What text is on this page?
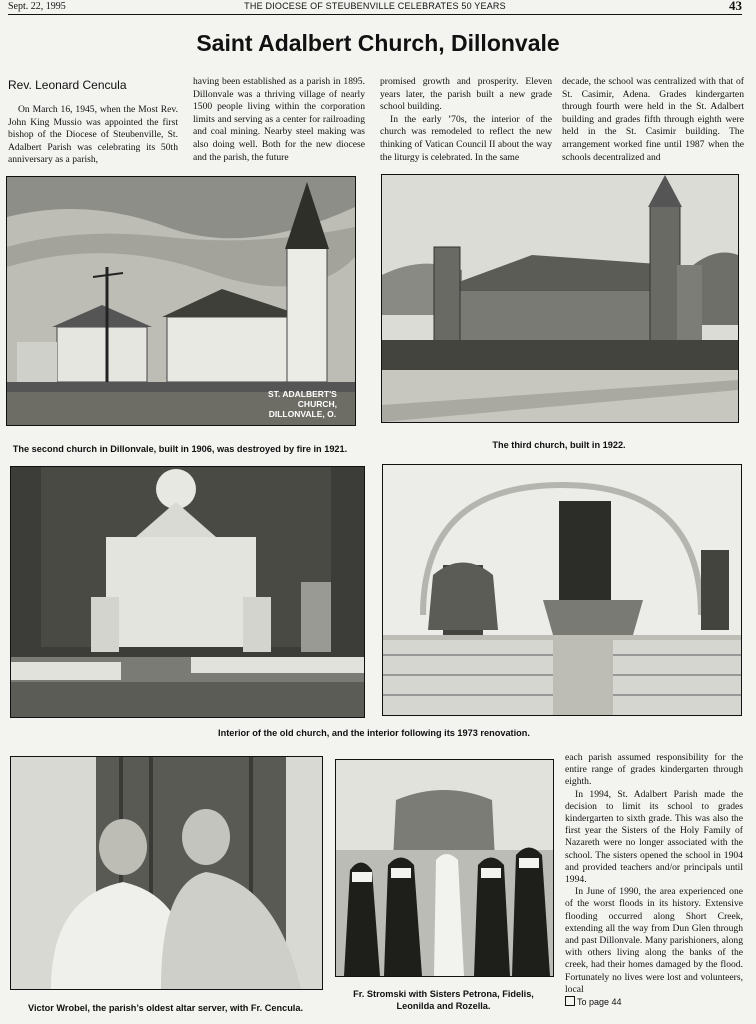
Sept. 22, 1995	THE DIOCESE OF STEUBENVILLE CELEBRATES 50 YEARS	43
Saint Adalbert Church, Dillonvale
Rev. Leonard Cencula

On March 16, 1945, when the Most Rev. John King Mussio was appointed the first bishop of the Diocese of Steubenville, St. Adalbert Parish was celebrating its 50th anniversary as a parish,

having been established as a parish in 1895. Dillonvale was a thriving village of nearly 1500 people living within the corporation limits and serving as a center for railroading and coal mining. Nearby steel making was also doing well. Both for the new diocese and the parish, the future

promised growth and prosperity. Eleven years later, the parish built a new grade school building.

In the early ’70s, the interior of the church was remodeled to reflect the new thinking of Vatican Council II about the way the liturgy is celebrated. In the same

decade, the school was centralized with that of St. Casimir, Adena. Grades kindergarten through fourth were held in the St. Adalbert building and grades fifth through eighth were held in the St. Casimir building. The arrangement worked fine until 1987 when the schools decentralized and

ST. ADALBERT'S
CHURCH,
DILLONVALE, O.
The second church in Dillonvale, built in 1906, was destroyed by fire in 1921.	The third church, built in 1922.
Interior of the old church, and the interior following its 1973 renovation.
Victor Wrobel, the parish’s oldest altar server, with Fr. Cencula.
Fr. Stromski with Sisters Petrona, Fidelis,
Leonilda and Rozella.

each parish assumed responsibility for the entire range of grades kindergarten through eighth.

In 1994, St. Adalbert Parish made the decision to limit its school to grades kindergarten to sixth grade. This was also the first year the Sisters of the Holy Family of Nazareth were no longer associated with the school. The sisters opened the school in 1904 and provided teachers and/or principals until 1994.

In June of 1990, the area experienced one of the worst floods in its history. Extensive flooding occurred along Short Creek, extending all the way from Dun Glen through and past Dillonvale. Many parishioners, along with others living along the banks of the creek, had their homes damaged by the flood. Fortunately no lives were lost and volunteers, local

To page 44
